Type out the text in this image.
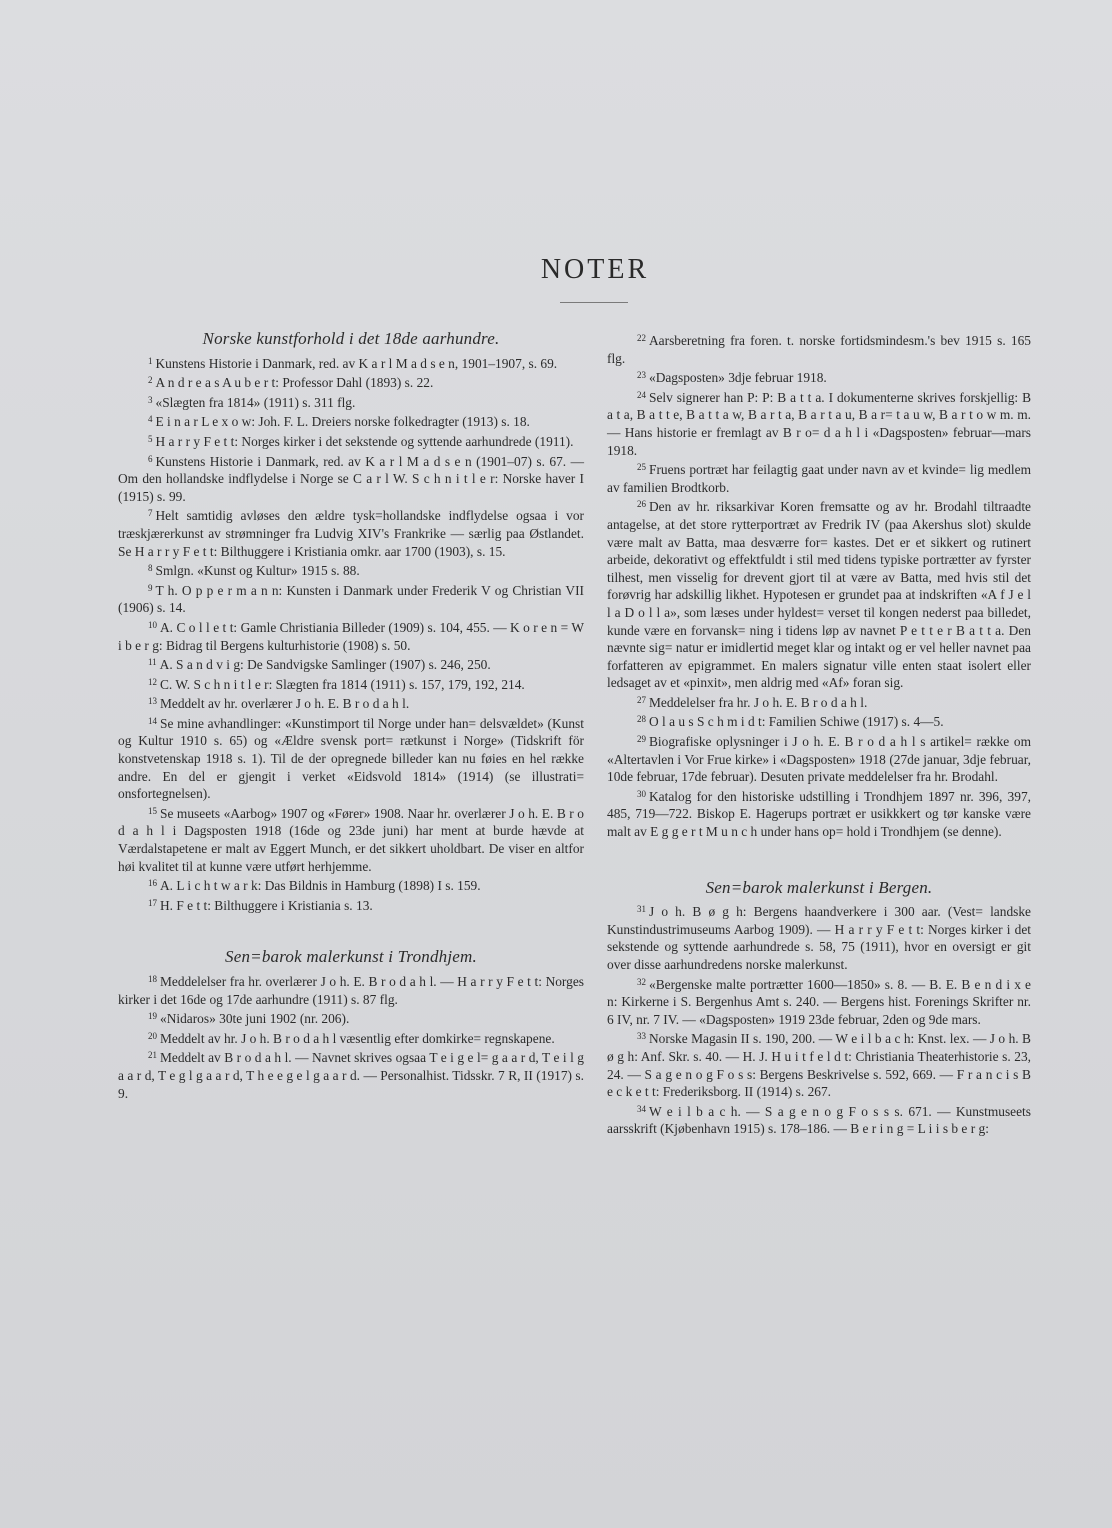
NOTER
Norske kunstforhold i det 18de aarhundre.

$^1$ Kunstens Historie i Danmark, red. av K a r l M a d s e n, 1901–1907, s. 69.

$^2$ A n d r e a s A u b e r t: Professor Dahl (1893) s. 22.

$^3$ «Slægten fra 1814» (1911) s. 311 flg.

$^4$ E i n a r L e x o w: Joh. F. L. Dreiers norske folkedragter (1913) s. 18.

$^5$ H a r r y F e t t: Norges kirker i det sekstende og syttende aarhundrede (1911).

$^6$ Kunstens Historie i Danmark, red. av K a r l M a d s e n (1901–07) s. 67. — Om den hollandske indflydelse i Norge se C a r l W. S c h n i t l e r: Norske haver I (1915) s. 99.

$^7$ Helt samtidig avløses den ældre tysk=hollandske indflydelse ogsaa i vor træskjærerkunst av strømninger fra Ludvig XIV's Frankrike — særlig paa Østlandet. Se H a r r y F e t t: Bilthuggere i Kristiania omkr. aar 1700 (1903), s. 15.

$^8$ Smlgn. «Kunst og Kultur» 1915 s. 88.

$^9$ T h. O p p e r m a n n: Kunsten i Danmark under Frederik V og Christian VII (1906) s. 14.

$^{10}$ A. C o l l e t t: Gamle Christiania Billeder (1909) s. 104, 455. — K o r e n = W i b e r g: Bidrag til Bergens kulturhistorie (1908) s. 50.

$^{11}$ A. S a n d v i g: De Sandvigske Samlinger (1907) s. 246, 250.

$^{12}$ C. W. S c h n i t l e r: Slægten fra 1814 (1911) s. 157, 179, 192, 214.

$^{13}$ Meddelt av hr. overlærer J o h. E. B r o d a h l.

$^{14}$ Se mine avhandlinger: «Kunstimport til Norge under han= delsvældet» (Kunst og Kultur 1910 s. 65) og «Ældre svensk port= rætkunst i Norge» (Tidskrift för konstvetenskap 1918 s. 1). Til de der opregnede billeder kan nu føies en hel række andre. En del er gjengit i verket «Eidsvold 1814» (1914) (se illustrati= onsfortegnelsen).

$^{15}$ Se museets «Aarbog» 1907 og «Fører» 1908. Naar hr. overlærer J o h. E. B r o d a h l i Dagsposten 1918 (16de og 23de juni) har ment at burde hævde at Værdalstapetene er malt av Eggert Munch, er det sikkert uholdbart. De viser en altfor høi kvalitet til at kunne være utført herhjemme.

$^{16}$ A. L i c h t w a r k: Das Bildnis in Hamburg (1898) I s. 159.

$^{17}$ H. F e t t: Bilthuggere i Kristiania s. 13.

Sen=barok malerkunst i Trondhjem.

$^{18}$ Meddelelser fra hr. overlærer J o h. E. B r o d a h l. — H a r r y F e t t: Norges kirker i det 16de og 17de aarhundre (1911) s. 87 flg.

$^{19}$ «Nidaros» 30te juni 1902 (nr. 206).

$^{20}$ Meddelt av hr. J o h. B r o d a h l væsentlig efter domkirke= regnskapene.

$^{21}$ Meddelt av B r o d a h l. — Navnet skrives ogsaa T e i g e l= g a a r d, T e i l g a a r d, T e g l g a a r d, T h e e g e l g a a r d. — Personalhist. Tidsskr. 7 R, II (1917) s. 9.

$^{22}$ Aarsberetning fra foren. t. norske fortidsmindesm.'s bev 1915 s. 165 flg.

$^{23}$ «Dagsposten» 3dje februar 1918.

$^{24}$ Selv signerer han P: P: B a t t a. I dokumenterne skrives forskjellig: B a t a, B a t t e, B a t t a w, B a r t a, B a r t a u, B a r= t a u w, B a r t o w m. m. — Hans historie er fremlagt av B r o= d a h l i «Dagsposten» februar—mars 1918.

$^{25}$ Fruens portræt har feilagtig gaat under navn av et kvinde= lig medlem av familien Brodtkorb.

$^{26}$ Den av hr. riksarkivar Koren fremsatte og av hr. Brodahl tiltraadte antagelse, at det store rytterportræt av Fredrik IV (paa Akershus slot) skulde være malt av Batta, maa desværre for= kastes. Det er et sikkert og rutinert arbeide, dekorativt og effektfuldt i stil med tidens typiske portrætter av fyrster tilhest, men visselig for drevent gjort til at være av Batta, med hvis stil det forøvrig har adskillig likhet. Hypotesen er grundet paa at indskriften «A f J e l l a D o l l a», som læses under hyldest= verset til kongen nederst paa billedet, kunde være en forvansk= ning i tidens løp av navnet P e t t e r B a t t a. Den nævnte sig= natur er imidlertid meget klar og intakt og er vel heller navnet paa forfatteren av epigrammet. En malers signatur ville enten staat isolert eller ledsaget av et «pinxit», men aldrig med «Af» foran sig.

$^{27}$ Meddelelser fra hr. J o h. E. B r o d a h l.

$^{28}$ O l a u s S c h m i d t: Familien Schiwe (1917) s. 4—5.

$^{29}$ Biografiske oplysninger i J o h. E. B r o d a h l s artikel= række om «Altertavlen i Vor Frue kirke» i «Dagsposten» 1918 (27de januar, 3dje februar, 10de februar, 17de februar). Desuten private meddelelser fra hr. Brodahl.

$^{30}$ Katalog for den historiske udstilling i Trondhjem 1897 nr. 396, 397, 485, 719—722. Biskop E. Hagerups portræt er usikkkert og tør kanske være malt av E g g e r t M u n c h under hans op= hold i Trondhjem (se denne).

Sen=barok malerkunst i Bergen.

$^{31}$ J o h. B ø g h: Bergens haandverkere i 300 aar. (Vest= landske Kunstindustrimuseums Aarbog 1909). — H a r r y F e t t: Norges kirker i det sekstende og syttende aarhundrede s. 58, 75 (1911), hvor en oversigt er git over disse aarhundredens norske malerkunst.

$^{32}$ «Bergenske malte portrætter 1600—1850» s. 8. — B. E. B e n d i x e n: Kirkerne i S. Bergenhus Amt s. 240. — Bergens hist. Forenings Skrifter nr. 6 IV, nr. 7 IV. — «Dagsposten» 1919 23de februar, 2den og 9de mars.

$^{33}$ Norske Magasin II s. 190, 200. — W e i l b a c h: Knst. lex. — J o h. B ø g h: Anf. Skr. s. 40. — H. J. H u i t f e l d t: Christiania Theaterhistorie s. 23, 24. — S a g e n o g F o s s: Bergens Beskrivelse s. 592, 669. — F r a n c i s B e c k e t t: Frederiksborg. II (1914) s. 267.

$^{34}$ W e i l b a c h. — S a g e n o g F o s s s. 671. — Kunstmuseets aarsskrift (Kjøbenhavn 1915) s. 178–186. — B e r i n g = L i i s b e r g:
